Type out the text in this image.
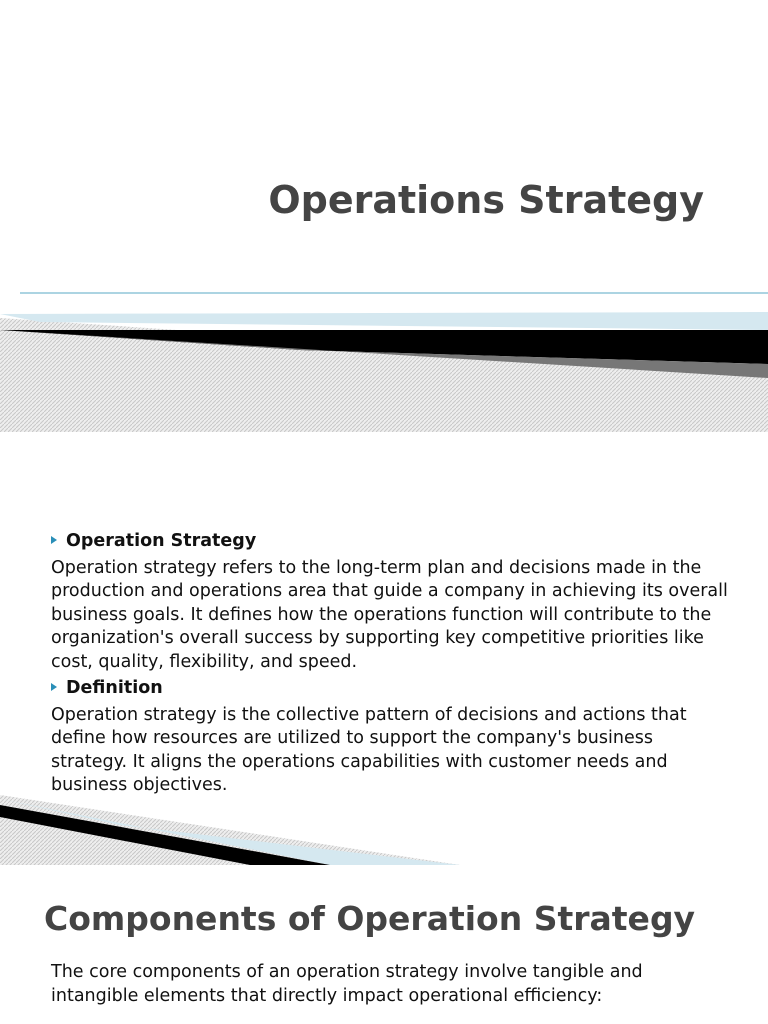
Operations Strategy
Operation Strategy

Operation strategy refers to the long-term plan and decisions made in the production and operations area that guide a company in achieving its overall business goals. It defines how the operations function will contribute to the organization's overall success by supporting key competitive priorities like cost, quality, flexibility, and speed.

Definition

Operation strategy is the collective pattern of decisions and actions that define how resources are utilized to support the company's business strategy. It aligns the operations capabilities with customer needs and business objectives.

Components of Operation Strategy

The core components of an operation strategy involve tangible and intangible elements that directly impact operational efficiency:
